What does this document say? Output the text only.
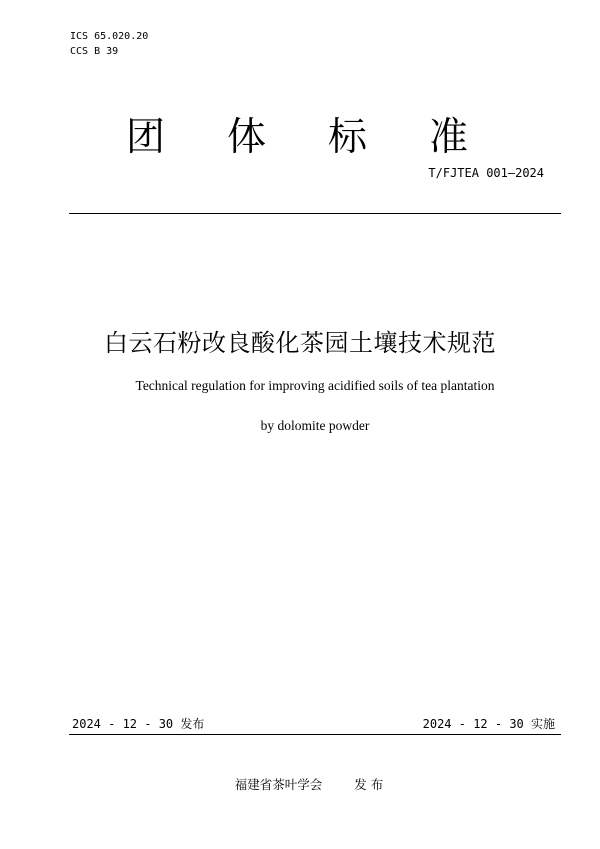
ICS 65.020.20
CCS B 39
团 体 标 准
T/FJTEA 001—2024
白云石粉改良酸化茶园土壤技术规范
Technical regulation for improving acidified soils of tea plantation
by dolomite powder
2024 - 12 - 30 发布	2024 - 12 - 30 实施
福建省茶叶学会	发 布
